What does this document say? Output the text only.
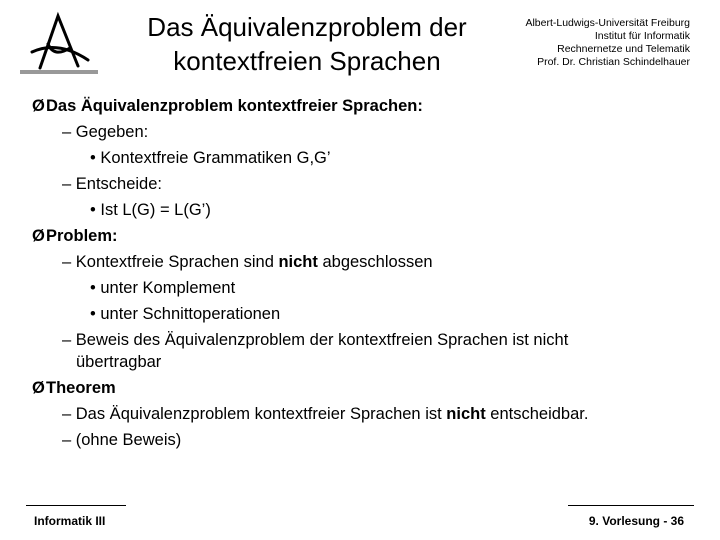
Das Äquivalenzproblem der
kontextfreien Sprachen
Albert-Ludwigs-Universität Freiburg
Institut für Informatik
Rechnernetze und Telematik
Prof. Dr. Christian Schindelhauer
ØDas Äquivalenzproblem kontextfreier Sprachen:
– Gegeben:
• Kontextfreie Grammatiken G,G’
– Entscheide:
• Ist L(G) = L(G’)
ØProblem:
– Kontextfreie Sprachen sind nicht abgeschlossen
• unter Komplement
• unter Schnittoperationen
– Beweis des Äquivalenzproblem der kontextfreien Sprachen ist nicht
übertragbar
ØTheorem
– Das Äquivalenzproblem kontextfreier Sprachen ist nicht entscheidbar.
– (ohne Beweis)
Informatik III	9. Vorlesung - 36
